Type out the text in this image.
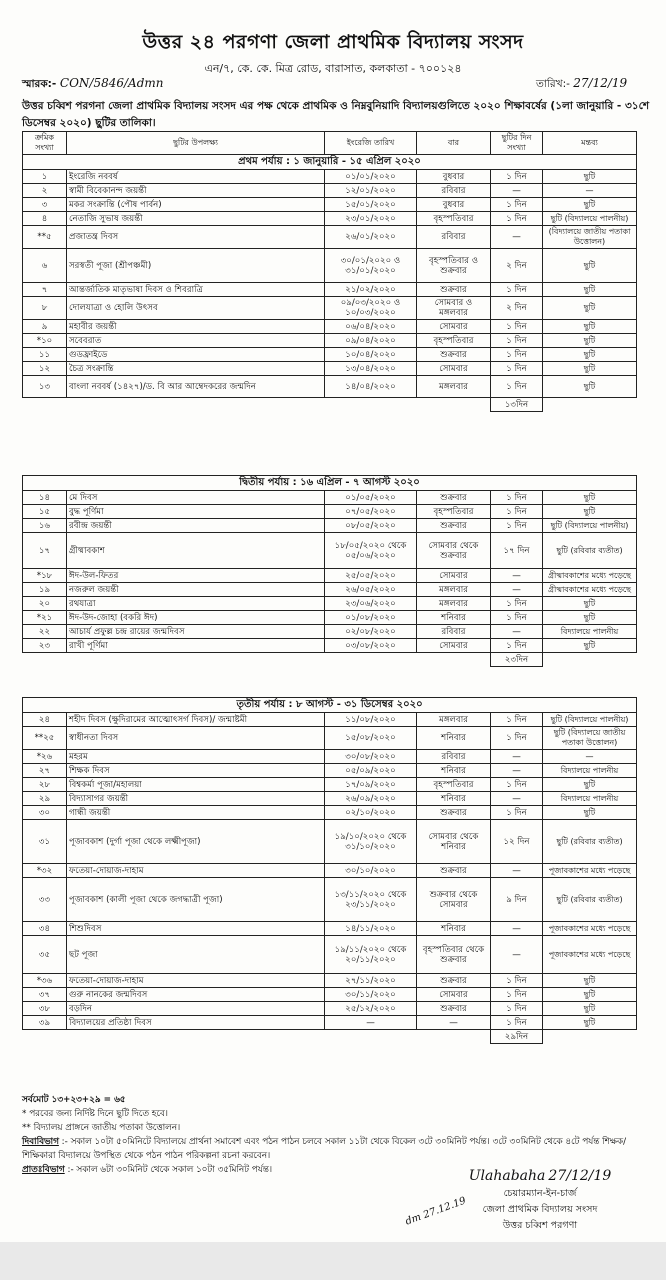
উত্তর ২৪ পরগণা জেলা প্রাথমিক বিদ্যালয় সংসদ
এন/৭, কে. কে. মিত্র রোড, বারাসাত, কলকাতা - ৭০০১২৪
স্মারক:- CON/5846/Admn	তারিখ:- 27/12/19
উত্তর চব্বিশ পরগনা জেলা প্রাথমিক বিদ্যালয় সংসদ এর পক্ষ থেকে প্রাথমিক ও নিম্নবুনিয়াদি বিদ্যালয়গুলিতে ২০২০ শিক্ষাবর্ষের (১লা জানুয়ারি - ৩১শে ডিসেম্বর ২০২০) ছুটির তালিকা।
ক্রমিক সংখ্যা	ছুটির উপলক্ষ্য	ইংরেজি তারিখ	বার	ছুটির দিন সংখ্যা	মন্তব্য
প্রথম পর্যায় : ১ জানুয়ারি - ১৫ এপ্রিল ২০২০					
১	ইংরেজি নববর্ষ	০১/০১/২০২০	বুধবার	১ দিন	ছুটি
২	স্বামী বিবেকানন্দ জয়ন্তী	১২/০১/২০২০	রবিবার	—	—
৩	মকর সংক্রান্তি (পৌষ পার্বন)	১৫/০১/২০২০	বুধবার	১ দিন	ছুটি
৪	নেতাজি সুভাষ জয়ন্তী	২৩/০১/২০২০	বৃহস্পতিবার	১ দিন	ছুটি (বিদ্যালয়ে পালনীয়)
**৫	প্রজাতন্ত্র দিবস	২৬/০১/২০২০	রবিবার	—	(বিদ্যালয়ে জাতীয় পতাকা উত্তোলন)
৬	সরস্বতী পূজা (শ্রীপঞ্চমী)	৩০/০১/২০২০ ও ৩১/০১/২০২০	বৃহস্পতিবার ও শুক্রবার	২ দিন	ছুটি
৭	আন্তর্জাতিক মাতৃভাষা দিবস ও শিবরাত্রি	২১/০২/২০২০	শুক্রবার	১ দিন	ছুটি
৮	দোলযাত্রা ও হোলি উৎসব	০৯/০৩/২০২০ ও ১০/০৩/২০২০	সোমবার ও মঙ্গলবার	২ দিন	ছুটি
৯	মহাবীর জয়ন্তী	০৬/০৪/২০২০	সোমবার	১ দিন	ছুটি
*১০	সবেবরাত	০৯/০৪/২০২০	বৃহস্পতিবার	১ দিন	ছুটি
১১	গুডফ্রাইডে	১০/০৪/২০২০	শুক্রবার	১ দিন	ছুটি
১২	চৈত্র সংক্রান্তি	১৩/০৪/২০২০	সোমবার	১ দিন	ছুটি
১৩	বাংলা নববর্ষ (১৪২৭)/ড. বি আর আম্বেদকরের জন্মদিন	১৪/০৪/২০২০	মঙ্গলবার	১ দিন	ছুটি
				১৩দিন	
দ্বিতীয় পর্যায় : ১৬ এপ্রিল - ৭ আগস্ট ২০২০					
১৪	মে দিবস	০১/০৫/২০২০	শুক্রবার	১ দিন	ছুটি
১৫	বুদ্ধ পূর্ণিমা	০৭/০৫/২০২০	বৃহস্পতিবার	১ দিন	ছুটি
১৬	রবীন্দ্র জয়ন্তী	০৮/০৫/২০২০	শুক্রবার	১ দিন	ছুটি (বিদ্যালয়ে পালনীয়)
১৭	গ্রীষ্মাবকাশ	১৮/০৫/২০২০ থেকে ০৫/০৬/২০২০	সোমবার থেকে শুক্রবার	১৭ দিন	ছুটি (রবিবার ব্যতীত)
*১৮	ঈদ-উল-ফিতর	২৫/০৫/২০২০	সোমবার	—	গ্রীষ্মাবকাশের মধ্যে পড়েছে
১৯	নজরুল জয়ন্তী	২৬/০৫/২০২০	মঙ্গলবার	—	গ্রীষ্মাবকাশের মধ্যে পড়েছে
২০	রথযাত্রা	২৩/০৬/২০২০	মঙ্গলবার	১ দিন	ছুটি
*২১	ঈদ-উদ-জোহা (বকরি ঈদ)	০১/০৮/২০২০	শনিবার	১ দিন	ছুটি
২২	আচার্য প্রফুল্ল চন্দ্র রায়ের জন্মদিবস	০২/০৮/২০২০	রবিবার	—	বিদ্যালয়ে পালনীয়
২৩	রাখী পূর্ণিমা	০৩/০৮/২০২০	সোমবার	১ দিন	ছুটি
				২৩দিন	
তৃতীয় পর্যায় : ৮ আগস্ট - ৩১ ডিসেম্বর ২০২০					
২৪	শহীদ দিবস (ক্ষুদিরামের আত্মোৎসর্গ দিবস)/ জন্মাষ্টমী	১১/০৮/২০২০	মঙ্গলবার	১ দিন	ছুটি (বিদ্যালয়ে পালনীয়)
**২৫	স্বাধীনতা দিবস	১৫/০৮/২০২০	শনিবার	১ দিন	ছুটি (বিদ্যালয়ে জাতীয় পতাকা উত্তোলন)
*২৬	মহরম	৩০/০৮/২০২০	রবিবার	—	—
২৭	শিক্ষক দিবস	০৫/০৯/২০২০	শনিবার	—	বিদ্যালয়ে পালনীয়
২৮	বিশ্বকর্মা পূজা/মহালয়া	১৭/০৯/২০২০	বৃহস্পতিবার	১ দিন	ছুটি
২৯	বিদ্যাসাগর জয়ন্তী	২৬/০৯/২০২০	শনিবার	—	বিদ্যালয়ে পালনীয়
৩০	গান্ধী জয়ন্তী	০২/১০/২০২০	শুক্রবার	১ দিন	ছুটি
৩১	পূজাবকাশ (দুর্গা পূজা থেকে লক্ষ্মীপূজা)	১৯/১০/২০২০ থেকে ৩১/১০/২০২০	সোমবার থেকে শনিবার	১২ দিন	ছুটি (রবিবার ব্যতীত)
*৩২	ফতেয়া-দোয়াজ-দাহাম	৩০/১০/২০২০	শুক্রবার	—	পূজাবকাশের মধ্যে পড়েছে
৩৩	পূজাবকাশ (কালী পূজা থেকে জগদ্ধাত্রী পূজা)	১৩/১১/২০২০ থেকে ২৩/১১/২০২০	শুক্রবার থেকে সোমবার	৯ দিন	ছুটি (রবিবার ব্যতীত)
৩৪	শিশুদিবস	১৪/১১/২০২০	শনিবার	—	পূজাবকাশের মধ্যে পড়েছে
৩৫	ছট পূজা	১৯/১১/২০২০ থেকে ২০/১১/২০২০	বৃহস্পতিবার থেকে শুক্রবার	—	পূজাবকাশের মধ্যে পড়েছে
*৩৬	ফতেয়া-দোয়াজ-দাহাম	২৭/১১/২০২০	শুক্রবার	১ দিন	ছুটি
৩৭	গুরু নানকের জন্মদিবস	৩০/১১/২০২০	সোমবার	১ দিন	ছুটি
৩৮	বড়দিন	২৫/১২/২০২০	শুক্রবার	১ দিন	ছুটি
৩৯	বিদ্যালয়ের প্রতিষ্ঠা দিবস	—	—	১ দিন	ছুটি
				২৯দিন	
সর্বমোট ১৩+২৩+২৯ = ৬৫
* পরবের জন্য নির্দিষ্ট দিনে ছুটি দিতে হবে।
** বিদ্যালয় প্রাঙ্গনে জাতীয় পতাকা উত্তোলন।
দিবাবিভাগ :- সকাল ১০টা ৫০মিনিটে বিদ্যালয়ে প্রার্থনা সমাবেশ এবং পঠন পাঠন চলবে সকাল ১১টা থেকে বিকেল ৩টে ৩০মিনিট পর্যন্ত। ৩টে ৩০মিনিট থেকে ৪টে পর্যন্ত শিক্ষক/শিক্ষিকারা বিদ্যালয়ে উপস্থিত থেকে পঠন পাঠন পরিকল্পনা রচনা করবেন।
প্রাতঃবিভাগ :- সকাল ৬টা ৩০মিনিট থেকে সকাল ১০টা ৩৫মিনিট পর্যন্ত।	Ulahabaha 27/12/19
চেয়ারম্যান-ইন-চার্জ
জেলা প্রাথমিক বিদ্যালয় সংসদ
উত্তর চব্বিশ পরগণা
dm 27.12.19
